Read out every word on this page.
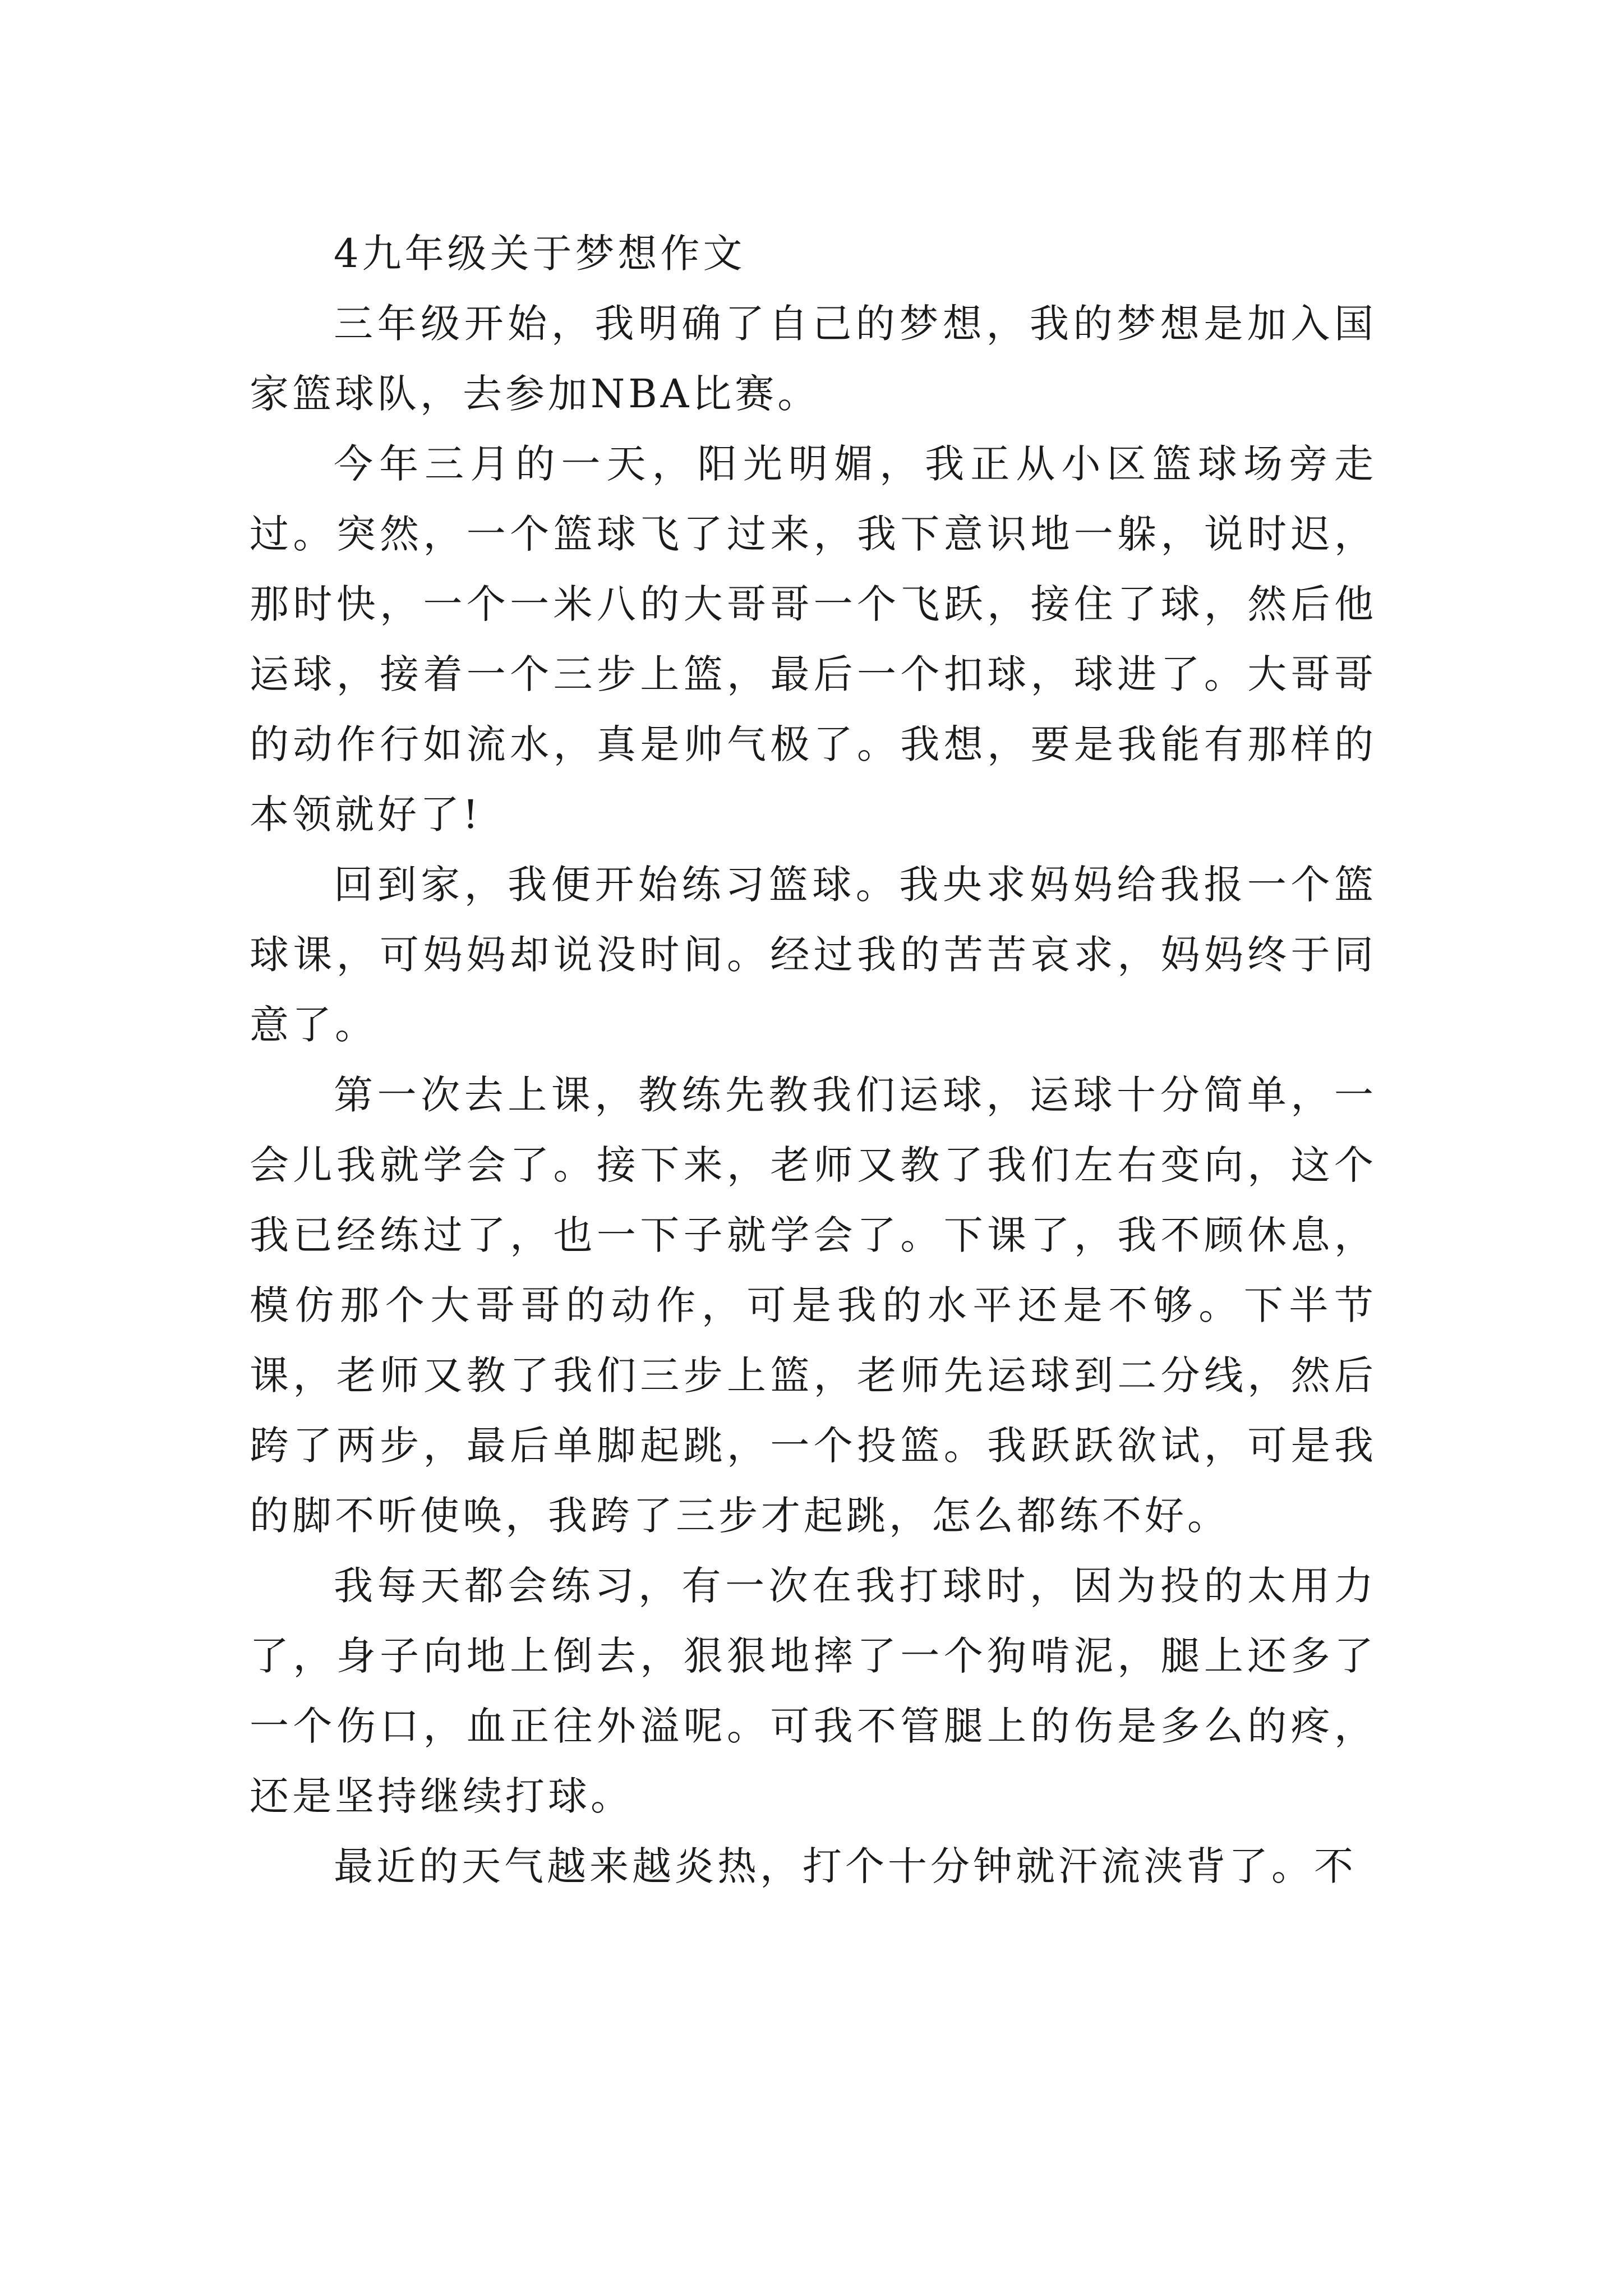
4九年级关于梦想作文

三年级开始，我明确了自己的梦想，我的梦想是加入国家篮球队，去参加NBA比赛。

今年三月的一天，阳光明媚，我正从小区篮球场旁走过。突然，一个篮球飞了过来，我下意识地一躲，说时迟，那时快，一个一米八的大哥哥一个飞跃，接住了球，然后他运球，接着一个三步上篮，最后一个扣球，球进了。大哥哥的动作行如流水，真是帅气极了。我想，要是我能有那样的本领就好了!

回到家，我便开始练习篮球。我央求妈妈给我报一个篮球课，可妈妈却说没时间。经过我的苦苦哀求，妈妈终于同意了。

第一次去上课，教练先教我们运球，运球十分简单，一会儿我就学会了。接下来，老师又教了我们左右变向，这个我已经练过了，也一下子就学会了。下课了，我不顾休息，模仿那个大哥哥的动作，可是我的水平还是不够。下半节课，老师又教了我们三步上篮，老师先运球到二分线，然后跨了两步，最后单脚起跳，一个投篮。我跃跃欲试，可是我的脚不听使唤，我跨了三步才起跳，怎么都练不好。

我每天都会练习，有一次在我打球时，因为投的太用力了，身子向地上倒去，狠狠地摔了一个狗啃泥，腿上还多了一个伤口，血正往外溢呢。可我不管腿上的伤是多么的疼，还是坚持继续打球。

最近的天气越来越炎热，打个十分钟就汗流浃背了。不
